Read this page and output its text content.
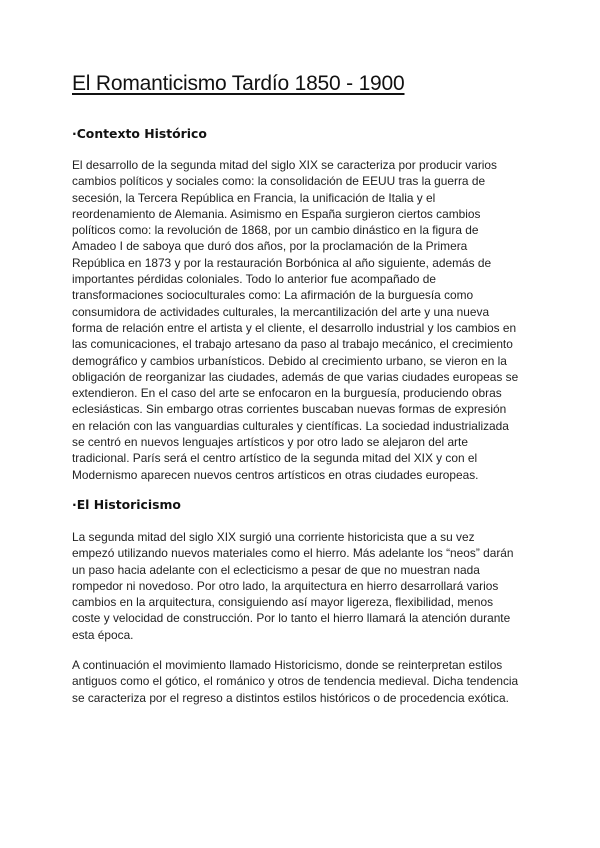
El Romanticismo Tardío 1850 - 1900
·Contexto Histórico

El desarrollo de la segunda mitad del siglo XIX se caracteriza por producir varios
cambios políticos y sociales como: la consolidación de EEUU tras la guerra de
secesión, la Tercera República en Francia, la unificación de Italia y el
reordenamiento de Alemania. Asimismo en España surgieron ciertos cambios
políticos como: la revolución de 1868, por un cambio dinástico en la figura de
Amadeo I de saboya que duró dos años, por la proclamación de la Primera
República en 1873 y por la restauración Borbónica al año siguiente, además de
importantes pérdidas coloniales. Todo lo anterior fue acompañado de
transformaciones socioculturales como: La afirmación de la burguesía como
consumidora de actividades culturales, la mercantilización del arte y una nueva
forma de relación entre el artista y el cliente, el desarrollo industrial y los cambios en
las comunicaciones, el trabajo artesano da paso al trabajo mecánico, el crecimiento
demográfico y cambios urbanísticos. Debido al crecimiento urbano, se vieron en la
obligación de reorganizar las ciudades, además de que varias ciudades europeas se
extendieron. En el caso del arte se enfocaron en la burguesía, produciendo obras
eclesiásticas. Sin embargo otras corrientes buscaban nuevas formas de expresión
en relación con las vanguardias culturales y científicas. La sociedad industrializada
se centró en nuevos lenguajes artísticos y por otro lado se alejaron del arte
tradicional. París será el centro artístico de la segunda mitad del XIX y con el
Modernismo aparecen nuevos centros artísticos en otras ciudades europeas.

·El Historicismo

La segunda mitad del siglo XIX surgió una corriente historicista que a su vez
empezó utilizando nuevos materiales como el hierro. Más adelante los “neos” darán
un paso hacia adelante con el eclecticismo a pesar de que no muestran nada
rompedor ni novedoso. Por otro lado, la arquitectura en hierro desarrollará varios
cambios en la arquitectura, consiguiendo así mayor ligereza, flexibilidad, menos
coste y velocidad de construcción. Por lo tanto el hierro llamará la atención durante
esta época.

A continuación el movimiento llamado Historicismo, donde se reinterpretan estilos
antiguos como el gótico, el románico y otros de tendencia medieval. Dicha tendencia
se caracteriza por el regreso a distintos estilos históricos o de procedencia exótica.
